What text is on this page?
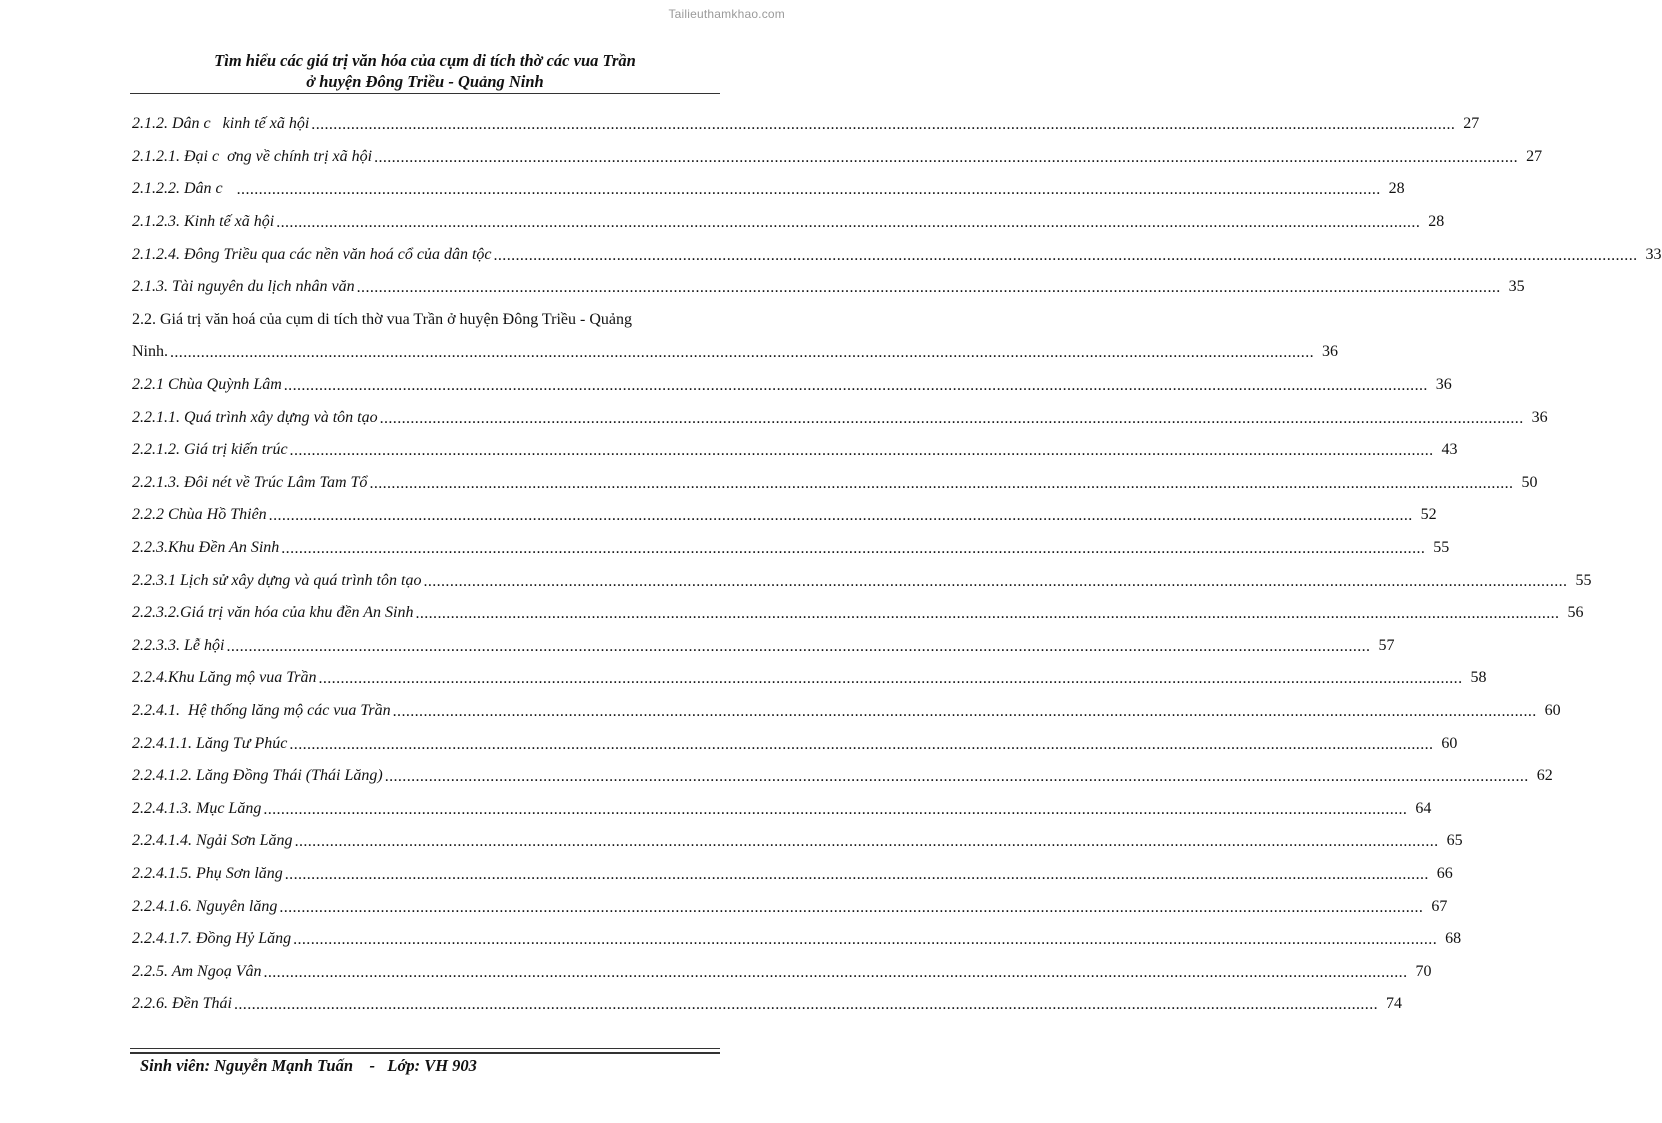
Tailieuthamkhao.com
Tìm hiểu các giá trị văn hóa của cụm di tích thờ các vua Trần
ở huyện Đông Triều - Quảng Ninh
2.1.2. Dân c   kinh tế xã hội .................................................................................................................................................................................................................................................................... 27
2.1.2.1. Đại c  ơng về chính trị xã hội .................................................................................................................................................................................................................................................................... 27
2.1.2.2. Dân c .................................................................................................................................................................................................................................................................... 28
2.1.2.3. Kinh tế xã hội .................................................................................................................................................................................................................................................................... 28
2.1.2.4. Đông Triều qua các nền văn hoá cổ của dân tộc .................................................................................................................................................................................................................................................................... 33
2.1.3. Tài nguyên du lịch nhân văn .................................................................................................................................................................................................................................................................... 35
2.2. Giá trị văn hoá của cụm di tích thờ vua Trần ở huyện Đông Triều - Quảng
Ninh. .................................................................................................................................................................................................................................................................... 36
2.2.1 Chùa Quỳnh Lâm .................................................................................................................................................................................................................................................................... 36
2.2.1.1. Quá trình xây dựng và tôn tạo .................................................................................................................................................................................................................................................................... 36
2.2.1.2. Giá trị kiến trúc .................................................................................................................................................................................................................................................................... 43
2.2.1.3. Đôi nét về Trúc Lâm Tam Tổ .................................................................................................................................................................................................................................................................... 50
2.2.2 Chùa Hồ Thiên .................................................................................................................................................................................................................................................................... 52
2.2.3.Khu Đền An Sinh .................................................................................................................................................................................................................................................................... 55
2.2.3.1 Lịch sử xây dựng và quá trình tôn tạo .................................................................................................................................................................................................................................................................... 55
2.2.3.2.Giá trị văn hóa của khu đền An Sinh .................................................................................................................................................................................................................................................................... 56
2.2.3.3. Lễ hội .................................................................................................................................................................................................................................................................... 57
2.2.4.Khu Lăng mộ vua Trần .................................................................................................................................................................................................................................................................... 58
2.2.4.1.  Hệ thống lăng mộ các vua Trần .................................................................................................................................................................................................................................................................... 60
2.2.4.1.1. Lăng Tư Phúc .................................................................................................................................................................................................................................................................... 60
2.2.4.1.2. Lăng Đồng Thái (Thái Lăng) .................................................................................................................................................................................................................................................................... 62
2.2.4.1.3. Mục Lăng .................................................................................................................................................................................................................................................................... 64
2.2.4.1.4. Ngải Sơn Lăng .................................................................................................................................................................................................................................................................... 65
2.2.4.1.5. Phụ Sơn lăng .................................................................................................................................................................................................................................................................... 66
2.2.4.1.6. Nguyên lăng .................................................................................................................................................................................................................................................................... 67
2.2.4.1.7. Đồng Hỷ Lăng .................................................................................................................................................................................................................................................................... 68
2.2.5. Am Ngoạ Vân .................................................................................................................................................................................................................................................................... 70
2.2.6. Đền Thái .................................................................................................................................................................................................................................................................... 74
Sinh viên: Nguyễn Mạnh Tuấn    -   Lớp: VH 903
